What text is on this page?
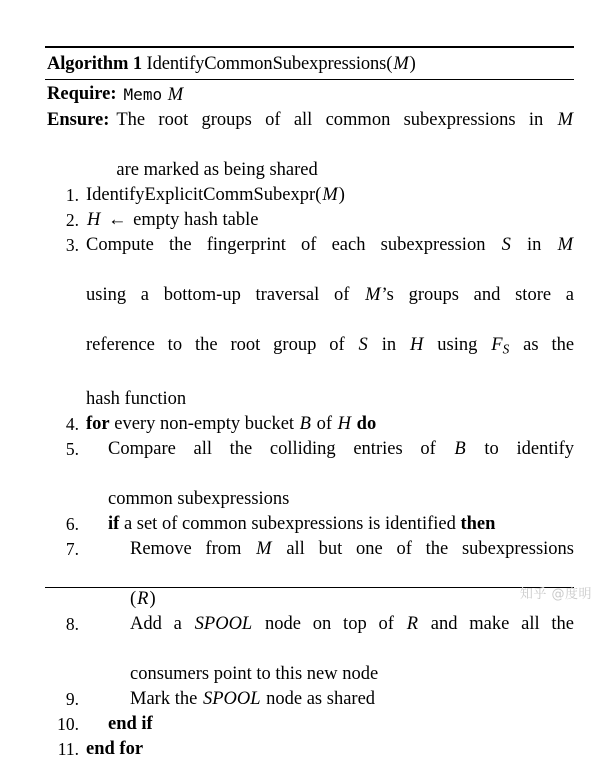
Algorithm 1 IdentifyCommonSubexpressions(M)
Require: Memo M
Ensure: The root groups of all common subexpressions in M
are marked as being shared
1. IdentifyExplicitCommSubexpr(M)
2. H ← empty hash table
3. Compute the fingerprint of each subexpression S in M
using a bottom-up traversal of M’s groups and store a
reference to the root group of S in H using $F_S$ as the
hash function
4. for every non-empty bucket B of H do
5.	Compare all the colliding entries of B to identify
common subexpressions
6.	if a set of common subexpressions is identified then
7.	Remove from M all but one of the subexpressions
(R)
8.	Add a SPOOL node on top of R and make all the
consumers point to this new node
9.	Mark the SPOOL node as shared
10.	end if
11. end for
知乎 @度明
